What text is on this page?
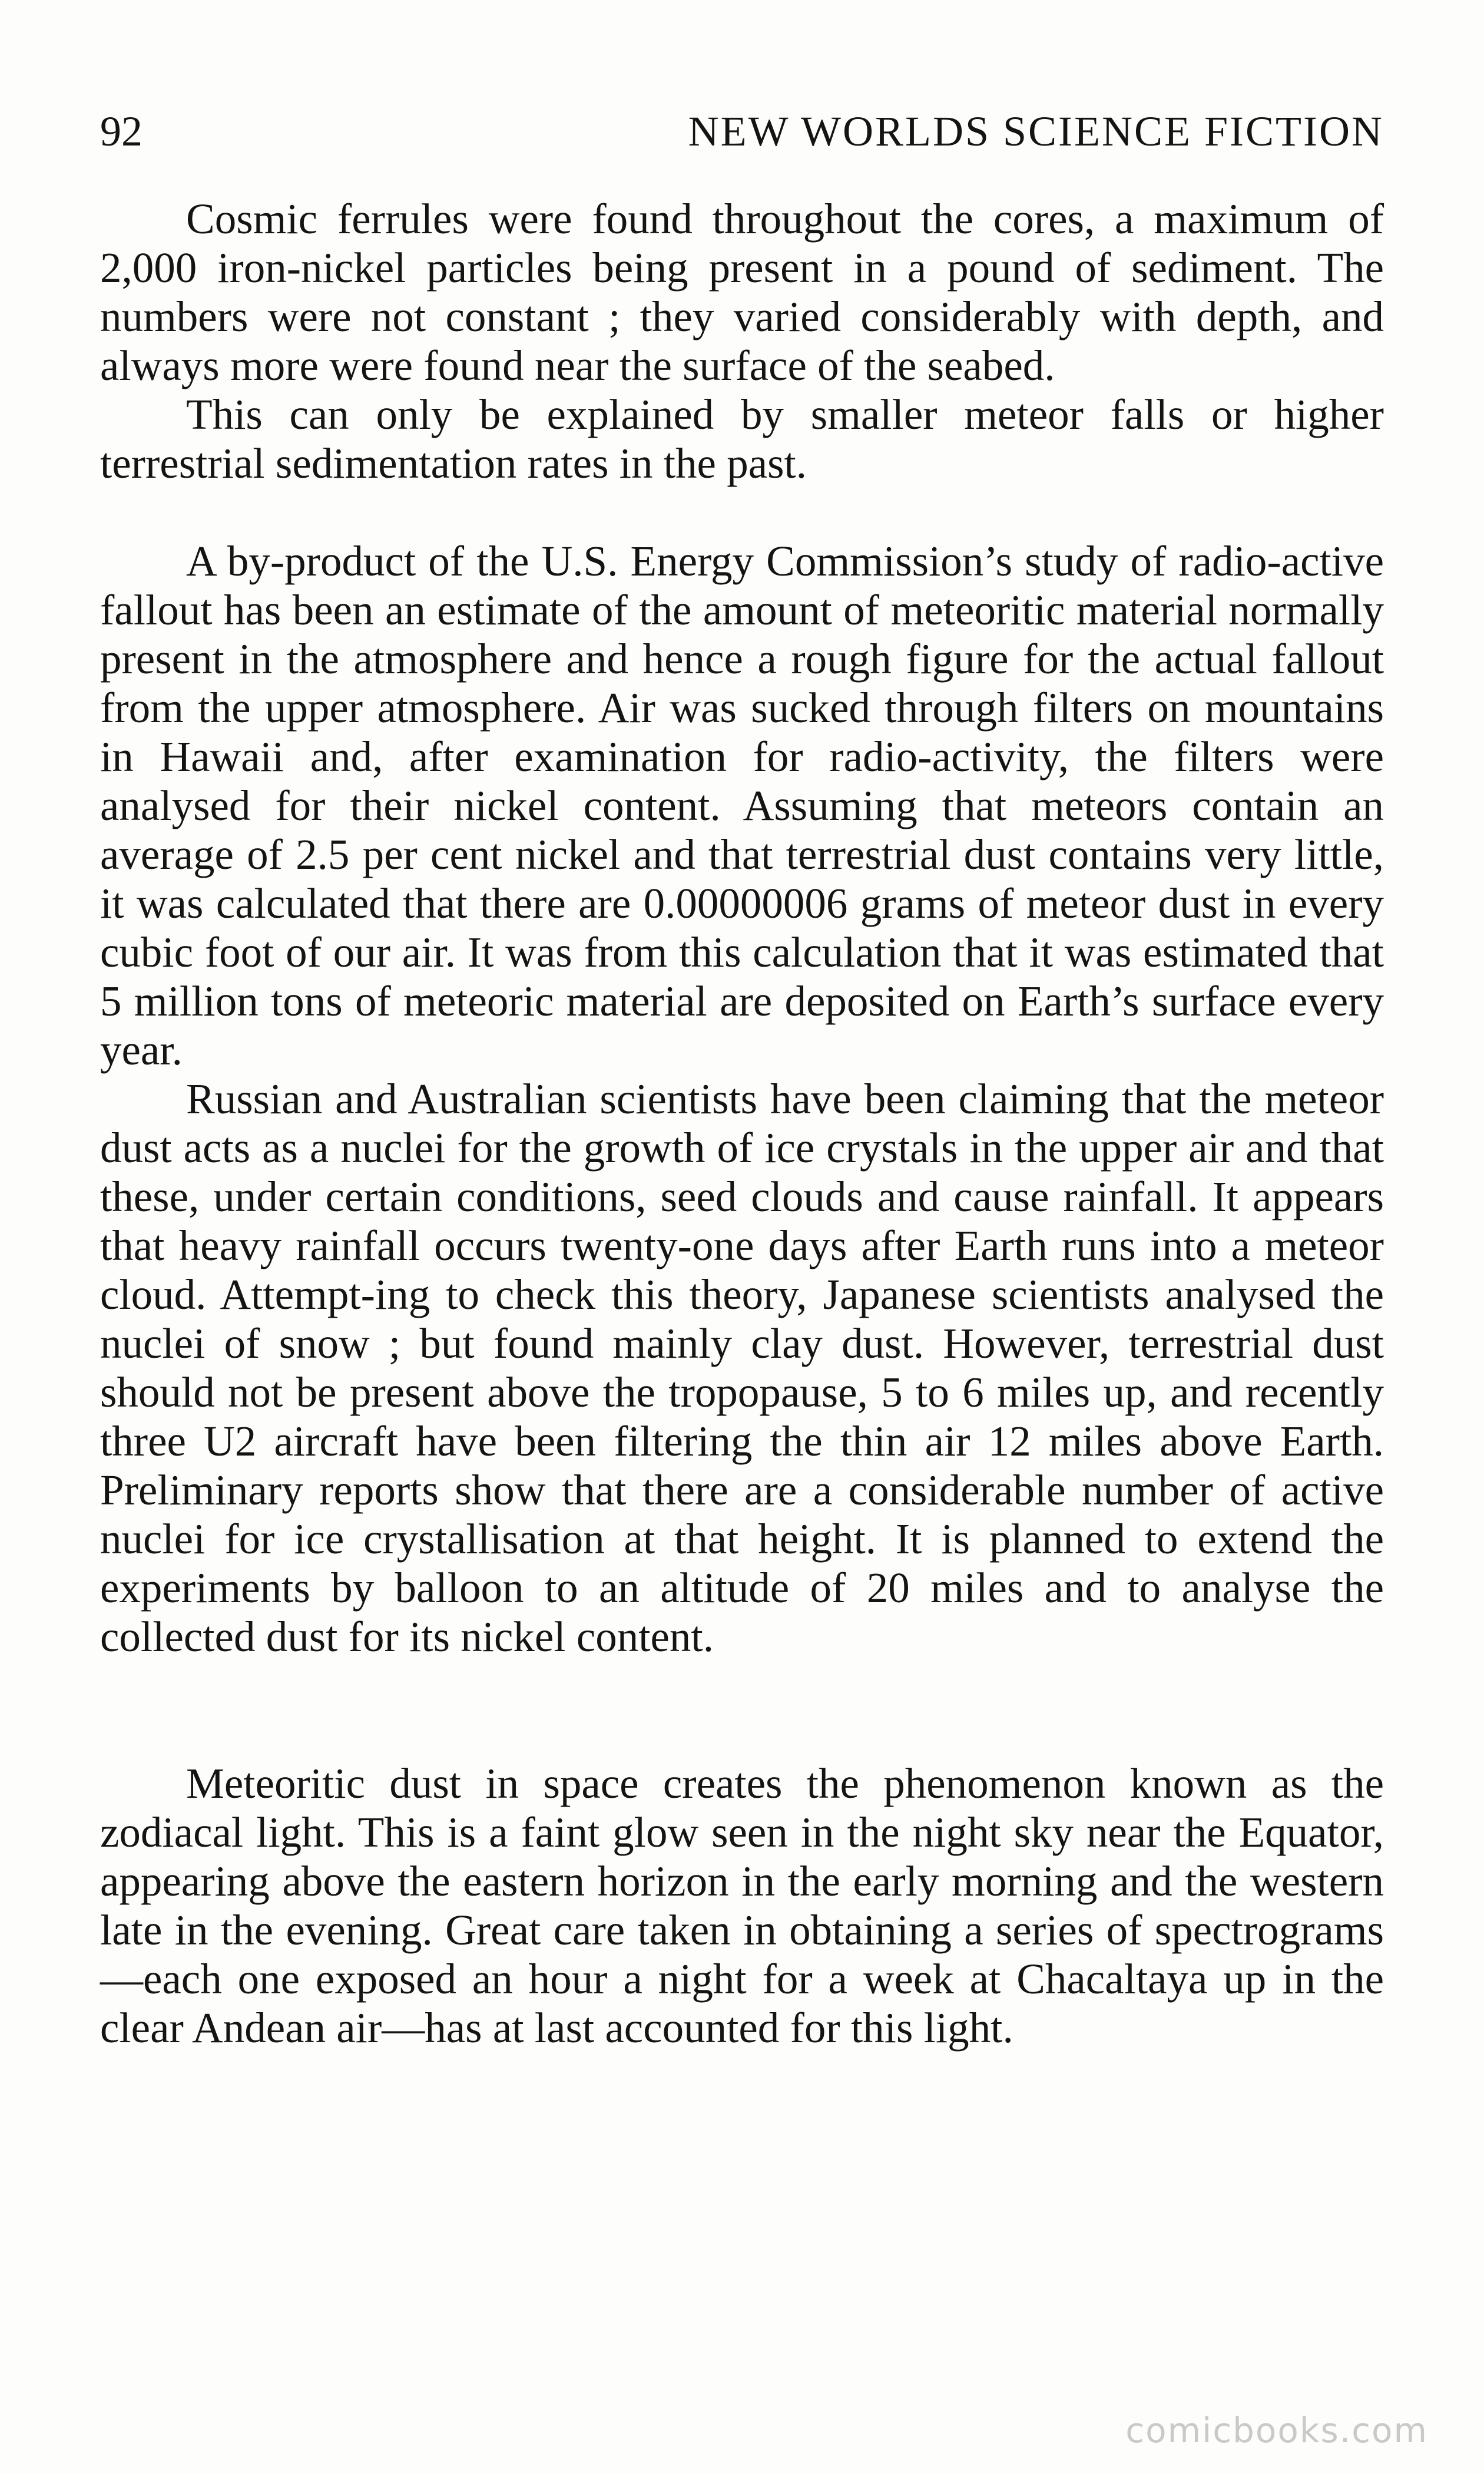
92	NEW WORLDS SCIENCE FICTION

Cosmic ferrules were found throughout the cores, a maximum of 2,000 iron-nickel particles being present in a pound of sediment. The numbers were not constant ; they varied considerably with depth, and always more were found near the surface of the seabed.

This can only be explained by smaller meteor falls or higher terrestrial sedimentation rates in the past.

A by-product of the U.S. Energy Commission’s study of radio-active fallout has been an estimate of the amount of meteoritic material normally present in the atmosphere and hence a rough figure for the actual fallout from the upper atmosphere. Air was sucked through filters on mountains in Hawaii and, after examination for radio-activity, the filters were analysed for their nickel content. Assuming that meteors contain an average of 2.5 per cent nickel and that terrestrial dust contains very little, it was calculated that there are 0.00000006 grams of meteor dust in every cubic foot of our air. It was from this calculation that it was estimated that 5 million tons of meteoric material are deposited on Earth’s surface every year.

Russian and Australian scientists have been claiming that the meteor dust acts as a nuclei for the growth of ice crystals in the upper air and that these, under certain conditions, seed clouds and cause rainfall. It appears that heavy rainfall occurs twenty-one days after Earth runs into a meteor cloud. Attempt-ing to check this theory, Japanese scientists analysed the nuclei of snow ; but found mainly clay dust. However, terrestrial dust should not be present above the tropopause, 5 to 6 miles up, and recently three U2 aircraft have been filtering the thin air 12 miles above Earth. Preliminary reports show that there are a considerable number of active nuclei for ice crystallisation at that height. It is planned to extend the experiments by balloon to an altitude of 20 miles and to analyse the collected dust for its nickel content.

Meteoritic dust in space creates the phenomenon known as the zodiacal light. This is a faint glow seen in the night sky near the Equator, appearing above the eastern horizon in the early morning and the western late in the evening. Great care taken in obtaining a series of spectrograms—each one exposed an hour a night for a week at Chacaltaya up in the clear Andean air—has at last accounted for this light.

comicbooks.com
